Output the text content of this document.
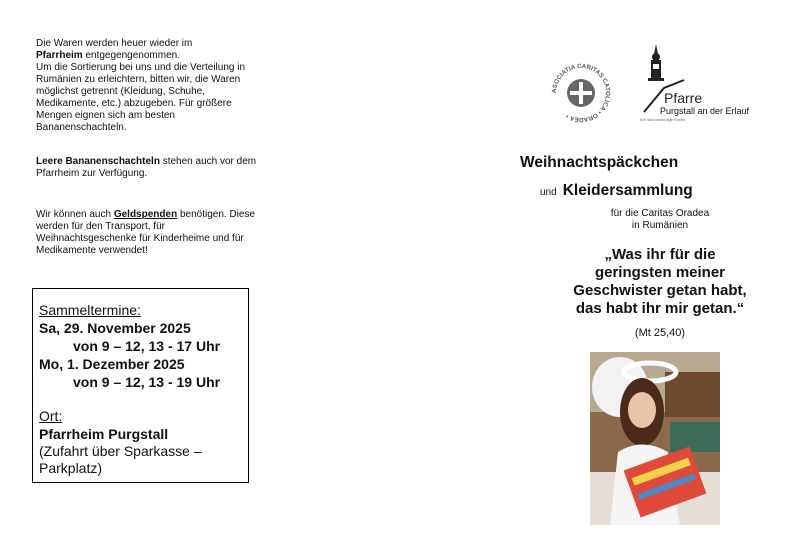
Die Waren werden heuer wieder im
Pfarrheim entgegengenommen.
Um die Sortierung bei uns und die Verteilung in Rumänien zu erleichtern, bitten wir, die Waren möglichst getrennt (Kleidung, Schuhe, Medikamente, etc.) abzugeben. Für größere Mengen eignen sich am besten Bananenschachteln.
Leere Bananenschachteln stehen auch vor dem Pfarrheim zur Verfügung.
Wir können auch Geldspenden benötigen. Diese werden für den Transport, für Weihnachtsgeschenke für Kinderheime und für Medikamente verwendet!
Sammeltermine:
Sa, 29. November 2025
von 9 – 12, 13 - 17 Uhr
Mo, 1. Dezember 2025
von 9 – 12, 13 - 19 Uhr
Ort:
Pfarrheim Purgstall
(Zufahrt über Sparkasse – Parkplatz)
ASOCIATIA CARITAS CATOLICA • ORADEA •
Pfarre
Purgstall an der Erlauf
Wir sind lebendige Kirche
Weihnachtspäckchen
und Kleidersammlung
für die Caritas Oradea
in Rumänien
„Was ihr für die
geringsten meiner
Geschwister getan habt,
das habt ihr mir getan.“
(Mt 25,40)
